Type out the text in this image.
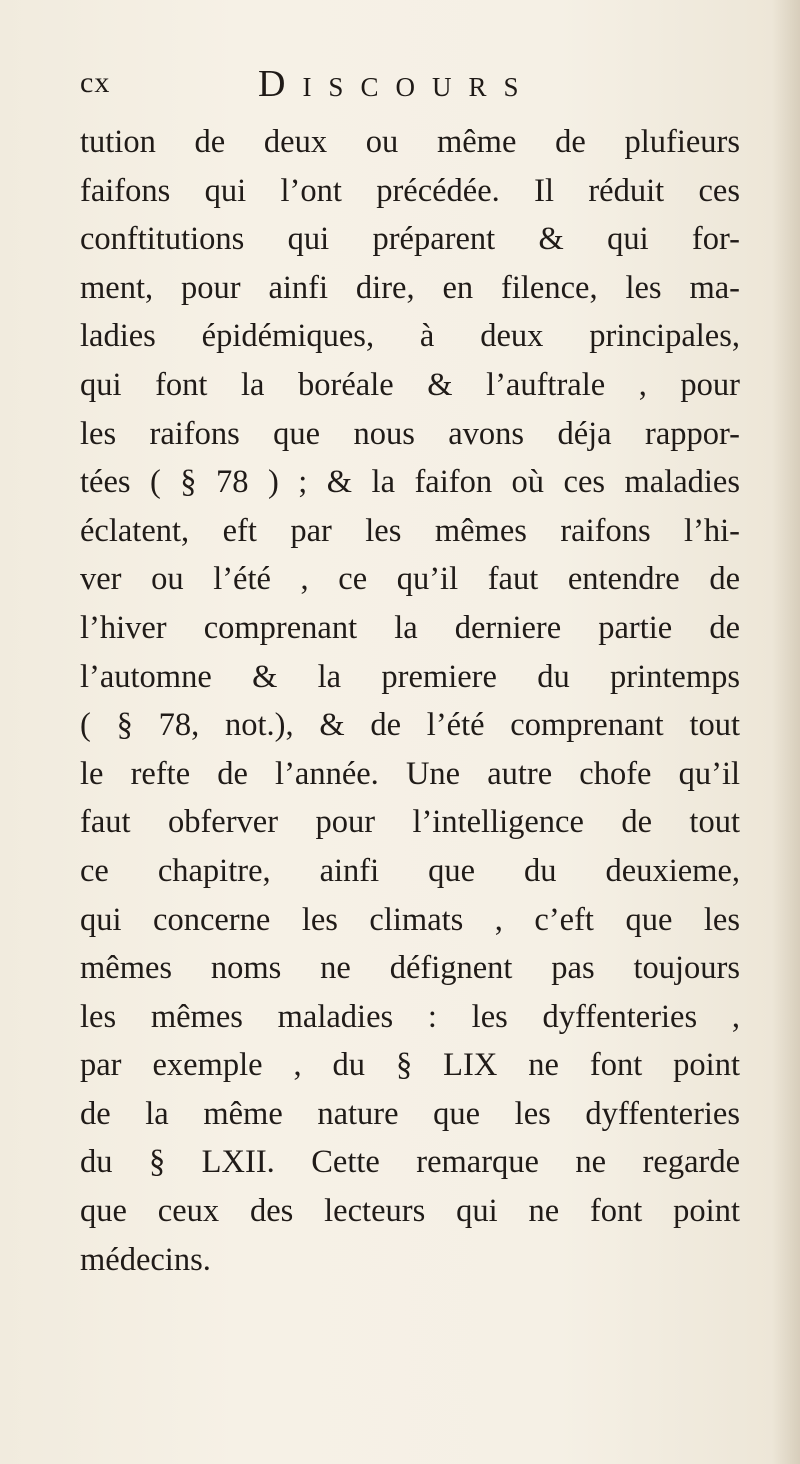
cx	Discours
tution de deux ou même de plufieurs
faifons qui l’ont précédée. Il réduit ces
conftitutions qui préparent & qui for-
ment, pour ainfi dire, en filence, les ma-
ladies épidémiques, à deux principales,
qui font la boréale & l’auftrale , pour
les raifons que nous avons déja rappor-
tées ( § 78 ) ; & la faifon où ces maladies
éclatent, eft par les mêmes raifons l’hi-
ver ou l’été , ce qu’il faut entendre de
l’hiver comprenant la derniere partie de
l’automne & la premiere du printemps
( § 78, not.), & de l’été comprenant tout
le refte de l’année. Une autre chofe qu’il
faut obferver pour l’intelligence de tout
ce chapitre, ainfi que du deuxieme,
qui concerne les climats , c’eft que les
mêmes noms ne défignent pas toujours
les mêmes maladies : les dyffenteries ,
par exemple , du § LIX ne font point
de la même nature que les dyffenteries
du § LXII. Cette remarque ne regarde
que ceux des lecteurs qui ne font point
médecins.
